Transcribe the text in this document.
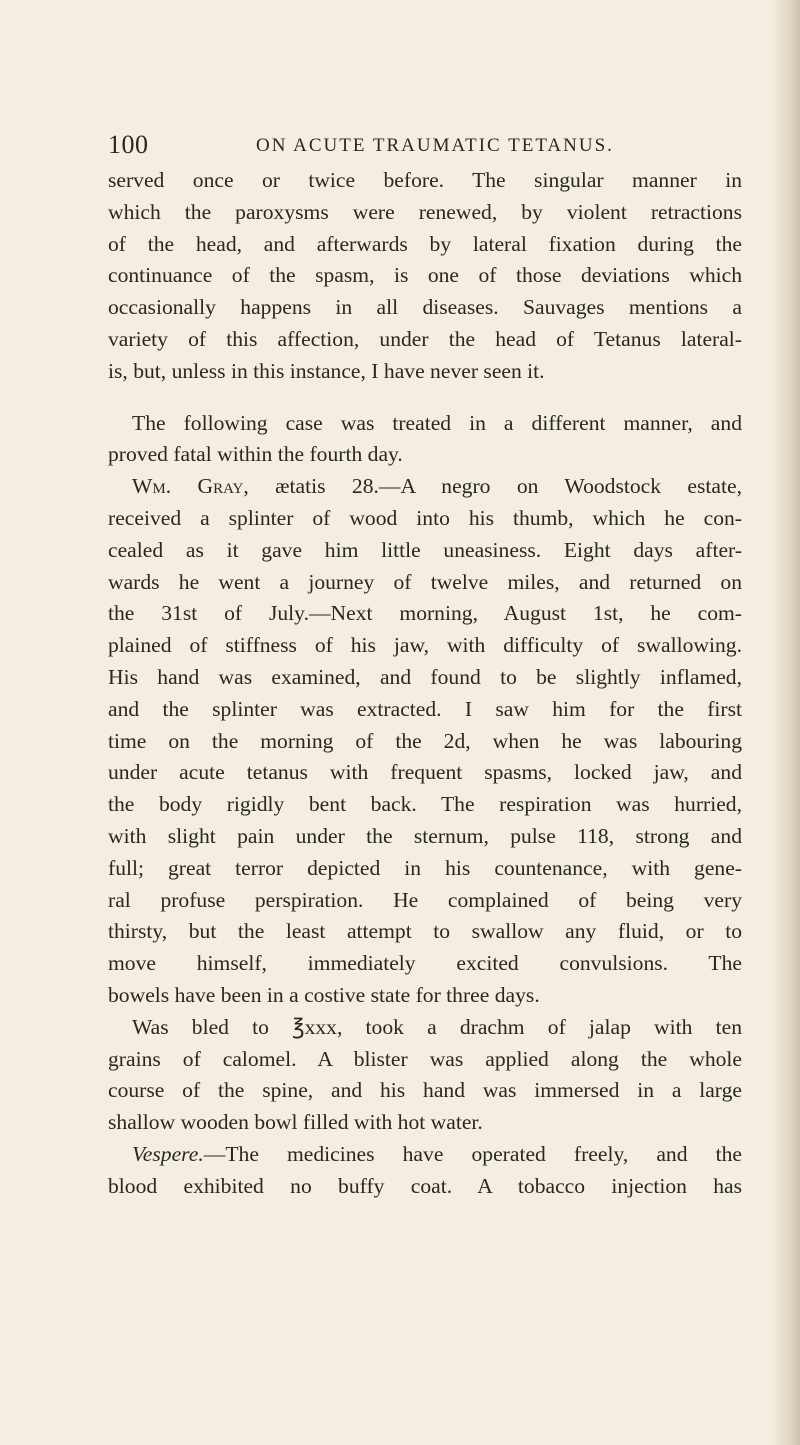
100	ON ACUTE TRAUMATIC TETANUS.
served once or twice before. The singular manner in
which the paroxysms were renewed, by violent retractions
of the head, and afterwards by lateral fixation during the
continuance of the spasm, is one of those deviations which
occasionally happens in all diseases. Sauvages mentions a
variety of this affection, under the head of Tetanus lateral-
is, but, unless in this instance, I have never seen it.
The following case was treated in a different manner, and
proved fatal within the fourth day.
Wm. Gray, ætatis 28.—A negro on Woodstock estate,
received a splinter of wood into his thumb, which he con-
cealed as it gave him little uneasiness. Eight days after-
wards he went a journey of twelve miles, and returned on
the 31st of July.—Next morning, August 1st, he com-
plained of stiffness of his jaw, with difficulty of swallowing.
His hand was examined, and found to be slightly inflamed,
and the splinter was extracted. I saw him for the first
time on the morning of the 2d, when he was labouring
under acute tetanus with frequent spasms, locked jaw, and
the body rigidly bent back. The respiration was hurried,
with slight pain under the sternum, pulse 118, strong and
full; great terror depicted in his countenance, with gene-
ral profuse perspiration. He complained of being very
thirsty, but the least attempt to swallow any fluid, or to
move himself, immediately excited convulsions. The
bowels have been in a costive state for three days.
Was bled to ℥xxx, took a drachm of jalap with ten
grains of calomel. A blister was applied along the whole
course of the spine, and his hand was immersed in a large
shallow wooden bowl filled with hot water.
Vespere.—The medicines have operated freely, and the
blood exhibited no buffy coat. A tobacco injection has
